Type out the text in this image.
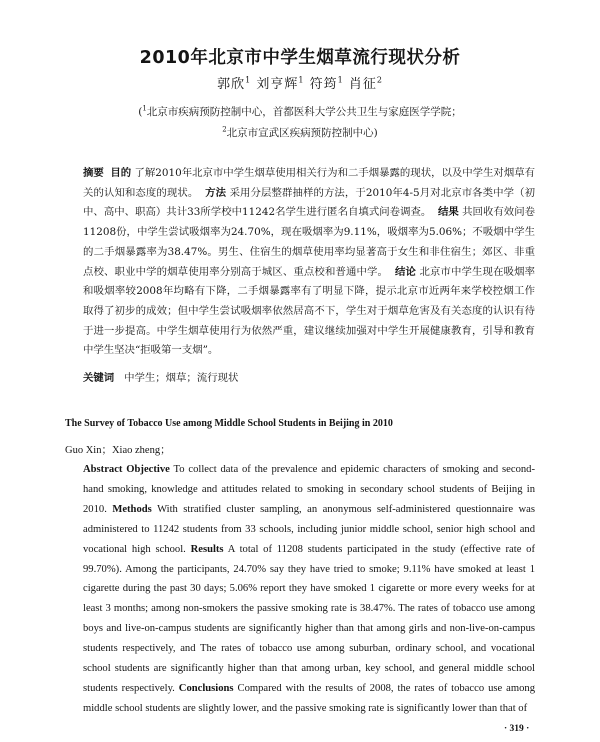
2010年北京市中学生烟草流行现状分析
郭欣$^1$ 刘亨辉$^1$ 符筠$^1$ 肖征$^2$
($^1$北京市疾病预防控制中心，首都医科大学公共卫生与家庭医学学院；
$^2$北京市宣武区疾病预防控制中心)
摘要 目的 了解2010年北京市中学生烟草使用相关行为和二手烟暴露的现状，以及中学生对烟草有关的认知和态度的现状。 方法 采用分层整群抽样的方法，于2010年4-5月对北京市各类中学（初中、高中、职高）共计33所学校中11242名学生进行匿名自填式问卷调查。 结果 共回收有效问卷11208份，中学生尝试吸烟率为24.70%，现在吸烟率为9.11%，吸烟率为5.06%；不吸烟中学生的二手烟暴露率为38.47%。男生、住宿生的烟草使用率均显著高于女生和非住宿生；郊区、非重点校、职业中学的烟草使用率分别高于城区、重点校和普通中学。 结论 北京市中学生现在吸烟率和吸烟率较2008年均略有下降，二手烟暴露率有了明显下降，提示北京市近两年来学校控烟工作取得了初步的成效；但中学生尝试吸烟率依然居高不下，学生对于烟草危害及有关态度的认识有待于进一步提高。中学生烟草使用行为依然严重，建议继续加强对中学生开展健康教育，引导和教育中学生坚决“拒吸第一支烟”。
关键词 中学生；烟草；流行现状
The Survey of Tobacco Use among Middle School Students in Beijing in 2010
Guo Xin；Xiao zheng；
Abstract Objective To collect data of the prevalence and epidemic characters of smoking and second-hand smoking, knowledge and attitudes related to smoking in secondary school students of Beijing in 2010. Methods With stratified cluster sampling, an anonymous self-administered questionnaire was administered to 11242 students from 33 schools, including junior middle school, senior high school and vocational high school. Results A total of 11208 students participated in the study (effective rate of 99.70%). Among the participants, 24.70% say they have tried to smoke; 9.11% have smoked at least 1 cigarette during the past 30 days; 5.06% report they have smoked 1 cigarette or more every weeks for at least 3 months; among non-smokers the passive smoking rate is 38.47%. The rates of tobacco use among boys and live-on-campus students are significantly higher than that among girls and non-live-on-campus students respectively, and The rates of tobacco use among suburban, ordinary school, and vocational school students are significantly higher than that among urban, key school, and general middle school students respectively. Conclusions Compared with the results of 2008, the rates of tobacco use among middle school students are slightly lower, and the passive smoking rate is significantly lower than that of
· 319 ·
